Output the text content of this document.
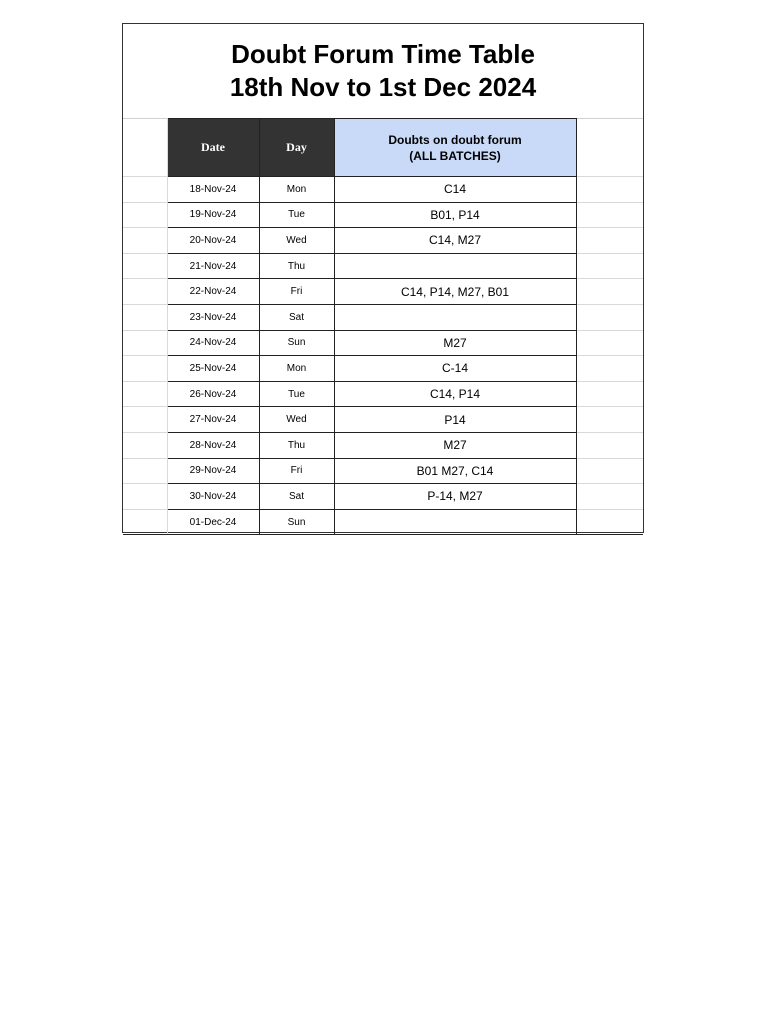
Doubt Forum Time Table
18th Nov to 1st Dec 2024
	Date	Day	Doubts on doubt forum
(ALL BATCHES)	

	18-Nov-24	Mon	C14	
	19-Nov-24	Tue	B01, P14	
	20-Nov-24	Wed	C14, M27	
	21-Nov-24	Thu		
	22-Nov-24	Fri	C14, P14, M27, B01	
	23-Nov-24	Sat		
	24-Nov-24	Sun	M27	
	25-Nov-24	Mon	C-14	
	26-Nov-24	Tue	C14, P14	
	27-Nov-24	Wed	P14	
	28-Nov-24	Thu	M27	
	29-Nov-24	Fri	B01 M27, C14	
	30-Nov-24	Sat	P-14, M27	
	01-Dec-24	Sun		
